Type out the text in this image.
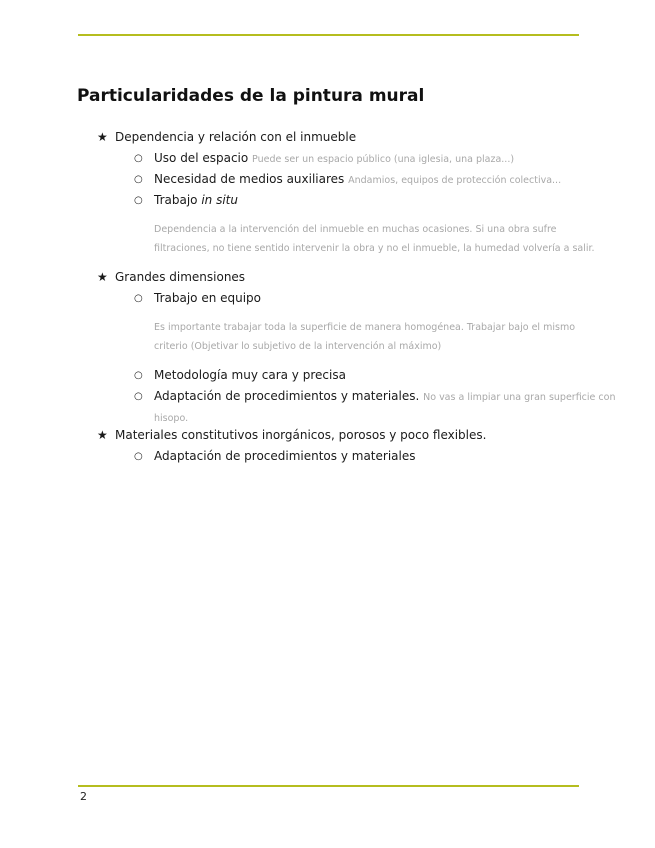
Particularidades de la pintura mural
★ Dependencia y relación con el inmueble
○ Uso del espacio Puede ser un espacio público (una iglesia, una plaza...)
○ Necesidad de medios auxiliares Andamios, equipos de protección colectiva...
○ Trabajo in situ
Dependencia a la intervención del inmueble en muchas ocasiones. Si una obra sufre
filtraciones, no tiene sentido intervenir la obra y no el inmueble, la humedad volvería a salir.
★ Grandes dimensiones
○ Trabajo en equipo
Es importante trabajar toda la superficie de manera homogénea. Trabajar bajo el mismo
criterio (Objetivar lo subjetivo de la intervención al máximo)
○ Metodología muy cara y precisa
○ Adaptación de procedimientos y materiales. No vas a limpiar una gran superficie con
hisopo.
★ Materiales constitutivos inorgánicos, porosos y poco flexibles.
○ Adaptación de procedimientos y materiales
2
